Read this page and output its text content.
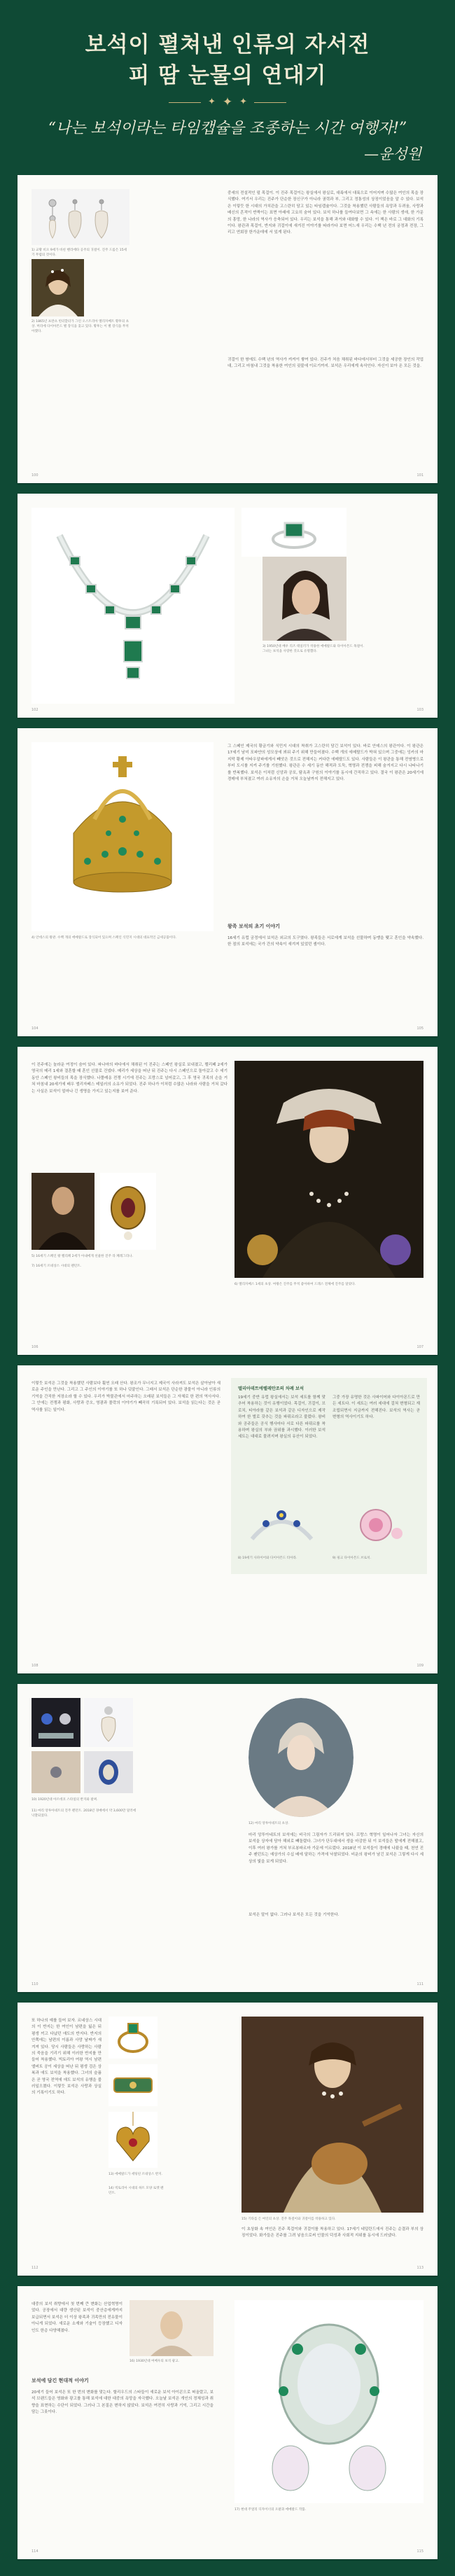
보석이 펼쳐낸 인류의 자서전
피 땀 눈물의 연대기
✦ ✦ ✦
“나는 보석이라는 타임캡슐을 조종하는 시간 여행자!”
—윤성원
1) 교황 비오 9세가 바친 헨리에타 공주의 귀걸이. 진주 드롭은 15세기 무렵의 것이다.
2) 1865년 프란츠 빈터할터가 그린 오스트리아 엘리자베트 황후의 초상. 머리에 다이아몬드 별 장식을 꽂고 있다. 황후는 이 별 장식을 무척 아꼈다.
중세의 전설적인 펄 목걸이. 이 진주 목걸이는 왕실에서 왕실로, 대륙에서 대륙으로 이어지며 수많은 여인의 목을 장식했다. 여기서 우리는 진주가 단순한 장신구가 아니라 권력과 부, 그리고 정통성의 상징이었음을 알 수 있다. 보석은 이렇듯 한 시대의 가치관을 고스란히 담고 있는 타임캡슐이다. 그것을 착용했던 사람들의 욕망과 두려움, 사랑과 배신의 흔적이 반짝이는 표면 아래에 고요히 숨어 있다. 보석 하나를 들여다보면 그 속에는 한 사람의 생애, 한 가문의 흥망, 한 나라의 역사가 응축되어 있다. 우리는 보석을 통해 과거와 대화할 수 있다. 이 책은 바로 그 대화의 기록이다. 왕관과 목걸이, 반지와 귀걸이에 새겨진 이야기를 따라가다 보면 어느새 우리는 수백 년 전의 궁정과 전장, 그리고 연회장 한가운데에 서 있게 된다.
귀걸이 한 쌍에도 수백 년의 역사가 켜켜이 쌓여 있다. 진주가 처음 채취된 바다에서부터 그것을 세공한 장인의 작업대, 그리고 마침내 그것을 착용한 여인의 귓불에 이르기까지. 보석은 우리에게 속삭인다. 자신이 보아 온 모든 것을.
100	101
3) 1950년대 배우 리즈 테일러가 착용한 에메랄드와 다이아몬드 목걸이. 그녀는 보석을 사랑한 것으로 유명했다.
102	103
4) 안데스의 왕관. 수백 개의 에메랄드로 장식되어 있으며 스페인 식민지 시대의 대표적인 금세공품이다.
그 스페인 제국의 황금기와 식민지 시대의 착취가 고스란히 담긴 보석이 있다. 바로 안데스의 왕관이다. 이 왕관은 17세기 남미 포파얀의 성모상에 씌워 주기 위해 만들어졌다. 수백 개의 에메랄드가 박혀 있으며 그중에는 잉카의 마지막 황제 아타우알파에게서 빼앗은 것으로 전해지는 커다란 에메랄드도 있다. 사람들은 이 왕관을 통해 전염병으로부터 도시를 지켜 주기를 기원했다. 왕관은 수 세기 동안 해적과 도둑, 혁명과 전쟁을 피해 숨겨지고 다시 나타나기를 반복했다. 보석은 이처럼 신앙과 공포, 탐욕과 구원의 이야기를 동시에 간직하고 있다. 결국 이 왕관은 20세기에 경매에 부쳐졌고 여러 소유자의 손을 거쳐 오늘날까지 전해지고 있다.
왕족 보석의 초기 이야기
16세기 유럽 궁정에서 보석은 외교의 도구였다. 왕족들은 서로에게 보석을 선물하며 동맹을 맺고 혼인을 약속했다. 한 점의 보석에는 국가 간의 약속이 새겨져 있었던 셈이다.
104	105
이 진주에는 놀라운 여정이 숨어 있다. 파나마의 바다에서 채취된 이 진주는 스페인 왕실로 보내졌고, 펠리페 2세가 영국의 메리 1세와 결혼할 때 혼인 선물로 건넸다. 메리가 세상을 떠난 뒤 진주는 다시 스페인으로 돌아갔고 수 세기 동안 스페인 왕비들의 목을 장식했다. 나폴레옹 전쟁 시기에 진주는 프랑스로 넘어갔고, 그 후 영국 귀족의 손을 거쳐 마침내 20세기에 배우 엘리자베스 테일러의 소유가 되었다. 진주 하나가 이처럼 수많은 나라와 사람을 거쳐 갔다는 사실은 보석이 얼마나 긴 생명을 가지고 있는지를 보여 준다.
5) 16세기 스페인 왕 펠리페 2세가 아내에게 선물한 진주 라 페레그리나.
7) 16세기 르네상스 시대의 펜던트.
6) 엘리자베스 1세의 초상. 여왕은 진주를 무척 좋아하여 드레스 전체에 진주를 달았다.
106	107
이렇듯 보석은 그것을 착용했던 사람보다 훨씬 오래 산다. 왕조가 무너지고 제국이 사라져도 보석은 살아남아 새로운 주인을 만난다. 그리고 그 주인의 이야기를 또 하나 덧붙인다. 그래서 보석은 단순한 광물이 아니라 인류의 기억을 간직한 저장소라 할 수 있다. 우리가 박물관에서 마주하는 오래된 보석들은 그 자체로 한 편의 역사서다. 그 안에는 전쟁과 평화, 사랑과 증오, 영광과 몰락의 이야기가 빼곡히 기록되어 있다. 보석을 읽는다는 것은 곧 역사를 읽는 일이다.
멜리아데트에렐레안조의 차례 보석
19세기 중반 유럽 왕실에서는 보석 세트를 함께 맞추어 착용하는 것이 유행이었다. 목걸이, 귀걸이, 브로치, 티아라를 같은 보석과 같은 디자인으로 제작하여 한 벌로 갖추는 것을 파뤼르라고 불렀다. 왕비와 공주들은 공식 행사마다 서로 다른 파뤼르를 착용하며 왕실의 부와 권위를 과시했다. 이러한 보석 세트는 대대로 물려지며 왕실의 유산이 되었다.
그중 가장 유명한 것은 사파이어와 다이아몬드로 만든 세트다. 이 세트는 여러 세대에 걸쳐 변형되고 재조립되면서 지금까지 전해진다. 보석의 역사는 곧 변형의 역사이기도 하다.
8) 19세기 사파이어와 다이아몬드 티아라.	9) 핑크 다이아몬드 브로치.
108	109
10) 1920년대 아르데코 스타일의 반지와 팔찌.
11) 마리 앙투아네트의 진주 펜던트. 2018년 경매에서 약 3,600만 달러에 낙찰되었다.
12) 마리 앙투아네트의 초상.
마리 앙투아네트의 보석에는 비극의 그림자가 드리워져 있다. 프랑스 혁명이 일어나자 그녀는 자신의 보석을 상자에 담아 해외로 빼돌렸다. 그녀가 단두대에서 생을 마감한 뒤 이 보석들은 딸에게 전해졌고, 이후 여러 왕가를 거쳐 부르봉파르마 가문에 이르렀다. 2018년 이 보석들이 경매에 나왔을 때, 천연 진주 펜던트는 예상가의 수십 배에 달하는 가격에 낙찰되었다. 비운의 왕비가 남긴 보석은 그렇게 다시 세상의 빛을 보게 되었다.
보석은 말이 없다. 그러나 보석은 모든 것을 기억한다.
110	111
또 하나의 예를 들어 보자. 르네상스 시대의 이 반지는 한 여인이 남편을 잃은 뒤 평생 끼고 다녔던 애도의 반지다. 반지의 안쪽에는 남편의 이름과 사망 날짜가 새겨져 있다. 당시 사람들은 사랑하는 사람의 죽음을 기리기 위해 이러한 반지를 만들어 착용했다. 빅토리아 여왕 역시 남편 앨버트 공이 세상을 떠난 뒤 평생 검은 상복과 애도 보석을 착용했다. 그녀의 슬픔은 곧 영국 전역에 애도 보석의 유행을 불러일으켰다. 이렇듯 보석은 사랑과 상실의 기록이기도 하다.
13) 에메랄드가 세팅된 르네상스 반지.
14) 빅토리아 시대의 하트 모양 로켓 펜던트.
15) 기타를 든 여인의 초상. 진주 목걸이와 귀걸이를 착용하고 있다.
이 초상화 속 여인은 진주 목걸이와 귀걸이를 착용하고 있다. 17세기 네덜란드에서 진주는 순결과 부의 상징이었다. 화가들은 진주를 그려 넣음으로써 인물의 덕성과 사회적 지위를 동시에 드러냈다.
112	113
대중의 보석 취향에서 첫 번째 큰 변화는 산업혁명이었다. 공장에서 대량 생산된 보석이 중산층에게까지 보급되면서 보석은 더 이상 왕족과 귀족만의 전유물이 아니게 되었다. 새로운 소재와 기술이 등장했고 디자인도 한층 다양해졌다.
16) 1930년대 여배우의 보석 광고.
보석에 담긴 현대적 이야기
20세기 들어 보석은 또 한 번의 변화를 맞는다. 할리우드의 스타들이 새로운 보석 아이콘으로 떠올랐고, 보석 브랜드들은 영화와 광고를 통해 보석에 대한 대중의 욕망을 자극했다. 오늘날 보석은 개인의 정체성과 취향을 표현하는 수단이 되었다. 그러나 그 본질은 변하지 않았다. 보석은 여전히 사랑과 기억, 그리고 시간을 담는 그릇이다.
17) 현대 주얼리 디자이너의 오팔과 에메랄드 작품.
114	115
